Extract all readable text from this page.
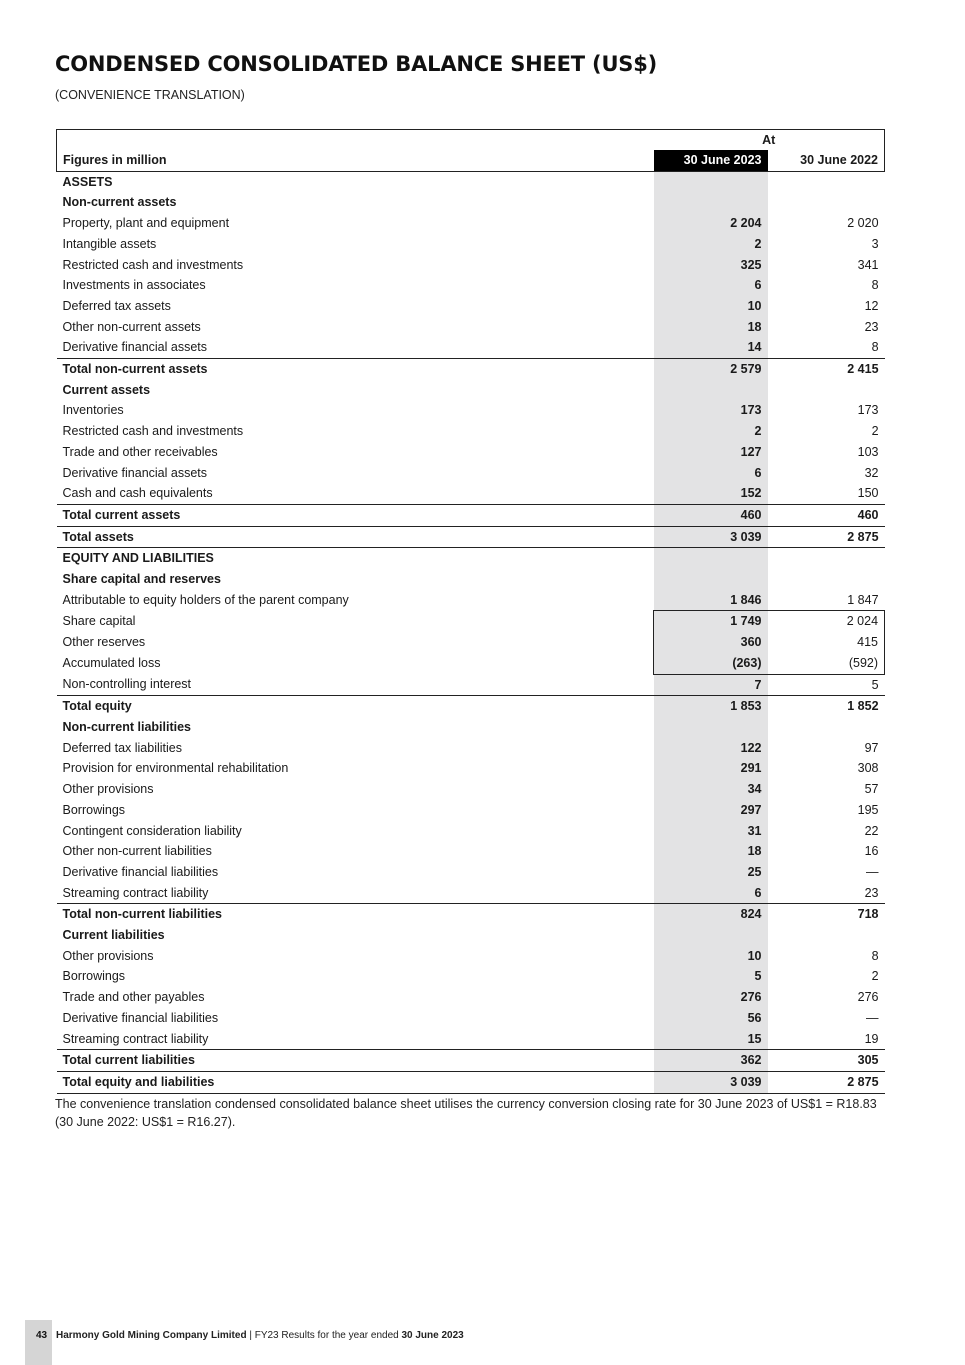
CONDENSED CONSOLIDATED BALANCE SHEET (US$)
(CONVENIENCE TRANSLATION)
	At	
Figures in million	30 June 2023	30 June 2022
ASSETS		
Non-current assets		
Property, plant and equipment	2 204	2 020
Intangible assets	2	3
Restricted cash and investments	325	341
Investments in associates	6	8
Deferred tax assets	10	12
Other non-current assets	18	23
Derivative financial assets	14	8
Total non-current assets	2 579	2 415
Current assets		
Inventories	173	173
Restricted cash and investments	2	2
Trade and other receivables	127	103
Derivative financial assets	6	32
Cash and cash equivalents	152	150
Total current assets	460	460
Total assets	3 039	2 875
EQUITY AND LIABILITIES		
Share capital and reserves		
Attributable to equity holders of the parent company	1 846	1 847
Share capital	1 749	2 024
Other reserves	360	415
Accumulated loss	(263)	(592)
Non-controlling interest	7	5
Total equity	1 853	1 852
Non-current liabilities		
Deferred tax liabilities	122	97
Provision for environmental rehabilitation	291	308
Other provisions	34	57
Borrowings	297	195
Contingent consideration liability	31	22
Other non-current liabilities	18	16
Derivative financial liabilities	25	—
Streaming contract liability	6	23
Total non-current liabilities	824	718
Current liabilities		
Other provisions	10	8
Borrowings	5	2
Trade and other payables	276	276
Derivative financial liabilities	56	—
Streaming contract liability	15	19
Total current liabilities	362	305
Total equity and liabilities	3 039	2 875
The convenience translation condensed consolidated balance sheet utilises the currency conversion closing rate for 30 June 2023 of US$1 = R18.83 (30 June 2022: US$1 = R16.27).
43 Harmony Gold Mining Company Limited | FY23 Results for the year ended 30 June 2023
